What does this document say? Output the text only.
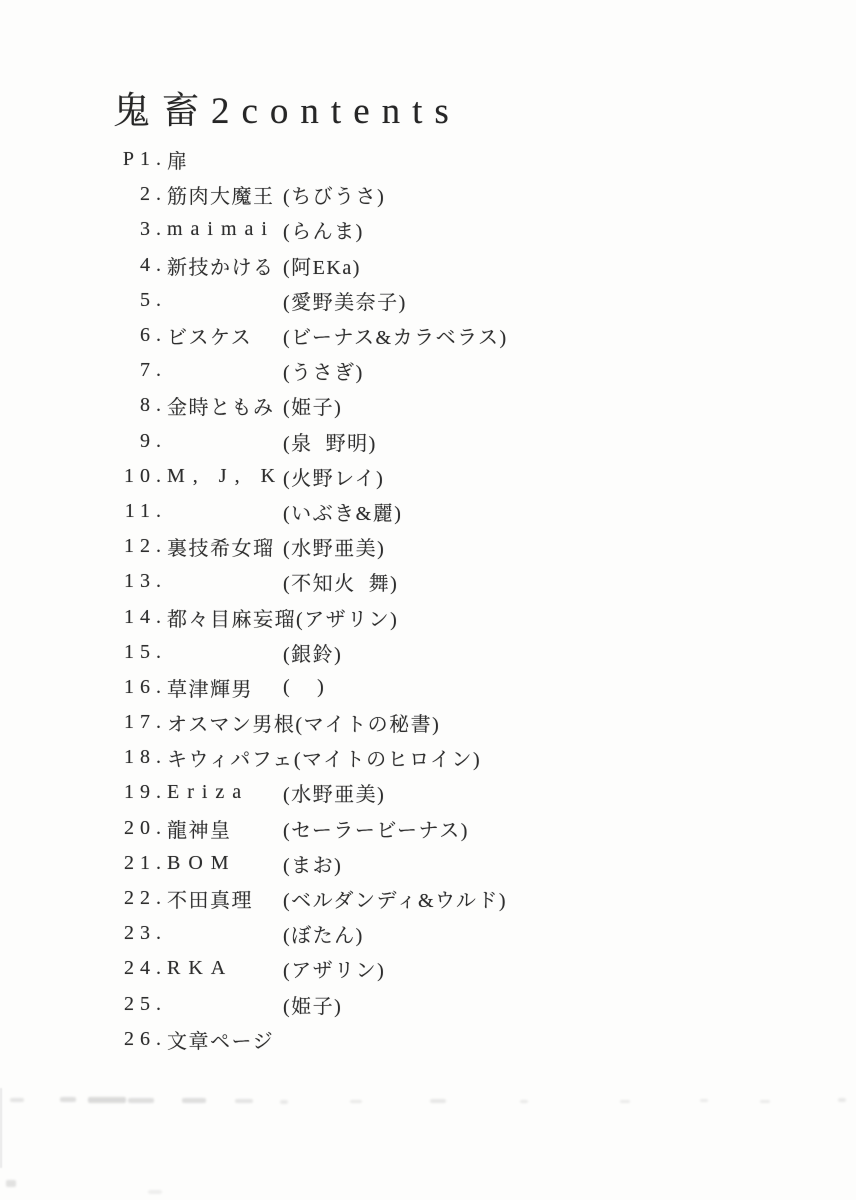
鬼畜2contents
P1. 扉
2. 筋肉大魔王 (ちびうさ)
3. maimai (らんま)
4. 新技かける (阿EKa)
5.	(愛野美奈子)
6. ビスケス	(ビーナス&カラベラス)
7.	(うさぎ)
8. 金時ともみ (姫子)
9.	(泉  野明)
10. M, J, K (火野レイ)
11.	(いぶき&麗)
12. 裏技希女瑠 (水野亜美)
13.	(不知火  舞)
14. 都々目麻妄瑠 (アザリン)
15.	(銀鈴)
16. 草津輝男	(    )
17. オスマン男根 (マイトの秘書)
18. キウィパフェ (マイトのヒロイン)
19. Eriza	(水野亜美)
20. 龍神皇	(セーラービーナス)
21. BOM	(まお)
22. 不田真理	(ベルダンディ&ウルド)
23.	(ぼたん)
24. RKA	(アザリン)
25.	(姫子)
26. 文章ページ
